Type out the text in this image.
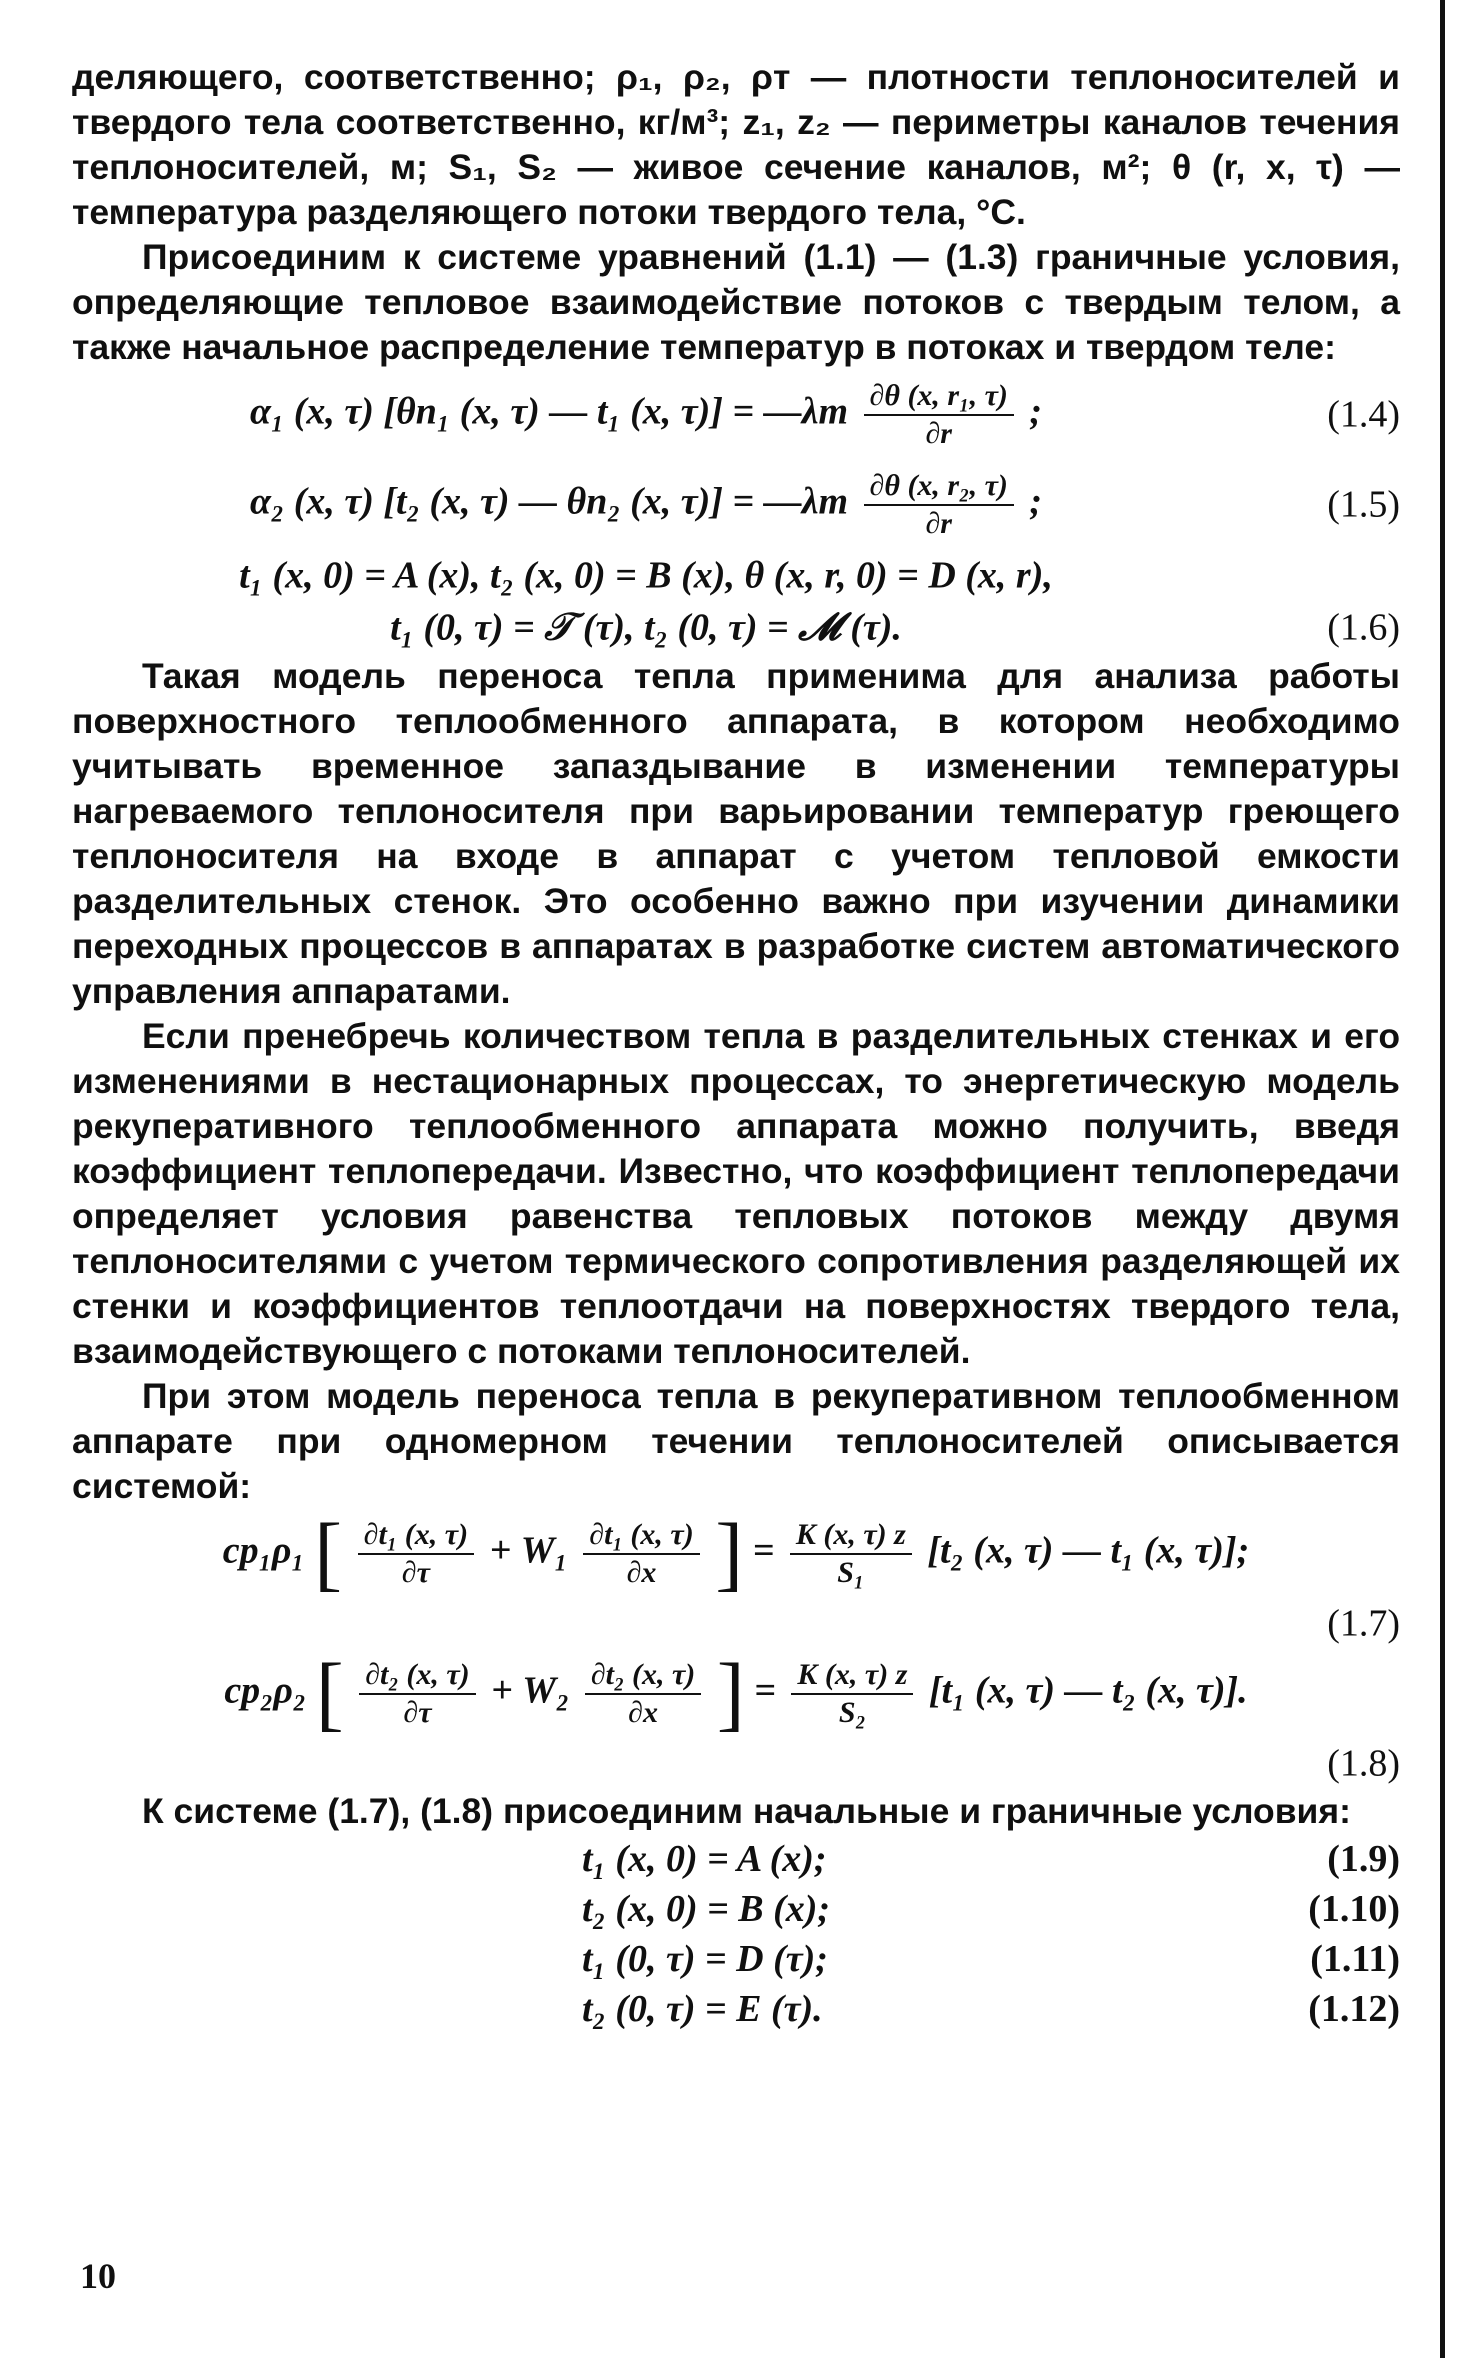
деляющего, соответственно; ρ₁, ρ₂, ρт — плотности теплоносителей и твердого тела соответственно, кг/м³; z₁, z₂ — периметры каналов течения теплоносителей, м; S₁, S₂ — живое сечение каналов, м²; θ (r, x, τ) — температура разделяющего потоки твердого тела, °С.

Присоединим к системе уравнений (1.1) — (1.3) граничные условия, определяющие тепловое взаимодействие потоков с твердым телом, а также начальное распределение температур в потоках и твердом теле:

α₁ (x, τ) [θп₁ (x, τ) — t₁ (x, τ)] = —λт $\frac{\text{∂θ (x, r₁, τ)}}{\partial r}$ ;	(1.4)
α₂ (x, τ) [t₂ (x, τ) — θп₂ (x, τ)] = —λт $\frac{\text{∂θ (x, r₂, τ)}}{\partial r}$ ;	(1.5)
t₁ (x, 0) = A (x), t₂ (x, 0) = B (x), θ (x, r, 0) = D (x, r),
t₁ (0, τ) = 𝒯 (τ), t₂ (0, τ) = 𝓜 (τ).	(1.6)

Такая модель переноса тепла применима для анализа работы поверхностного теплообменного аппарата, в котором необходимо учитывать временное запаздывание в изменении температуры нагреваемого теплоносителя при варьировании температур греющего теплоносителя на входе в аппарат с учетом тепловой емкости разделительных стенок. Это особенно важно при изучении динамики переходных процессов в аппаратах в разработке систем автоматического управления аппаратами.

Если пренебречь количеством тепла в разделительных стенках и его изменениями в нестационарных процессах, то энергетическую модель рекуперативного теплообменного аппарата можно получить, введя коэффициент теплопередачи. Известно, что коэффициент теплопередачи определяет условия равенства тепловых потоков между двумя теплоносителями с учетом термического сопротивления разделяющей их стенки и коэффициентов теплоотдачи на поверхностях твердого тела, взаимодействующего с потоками теплоносителей.

При этом модель переноса тепла в рекуперативном теплообменном аппарате при одномерном течении теплоносителей описывается системой:

cp₁ρ₁ [ $\frac{\text{∂t₁ (x, τ)}}{\partial\tau} + W_1 \frac{\text{∂t₁ (x, τ)}}{\partial x}$ ] = $\frac{K (x, \tau) z}{\text{S₁}} [t_2$ (x, τ) — t₁ (x, τ)];
(1.7)
cp₂ρ₂ [ $\frac{\text{∂t₂ (x, τ)}}{\partial\tau} + W_2 \frac{\text{∂t₂ (x, τ)}}{\partial x}$ ] = $\frac{K (x, \tau) z}{\text{S₂}} [t_1$ (x, τ) — t₂ (x, τ)].
(1.8)

К системе (1.7), (1.8) присоединим начальные и граничные условия:

t₁ (x, 0) = A (x);	(1.9)
t₂ (x, 0) = B (x);	(1.10)
t₁ (0, τ) = D (τ);	(1.11)
t₂ (0, τ) = E (τ).	(1.12)
10
